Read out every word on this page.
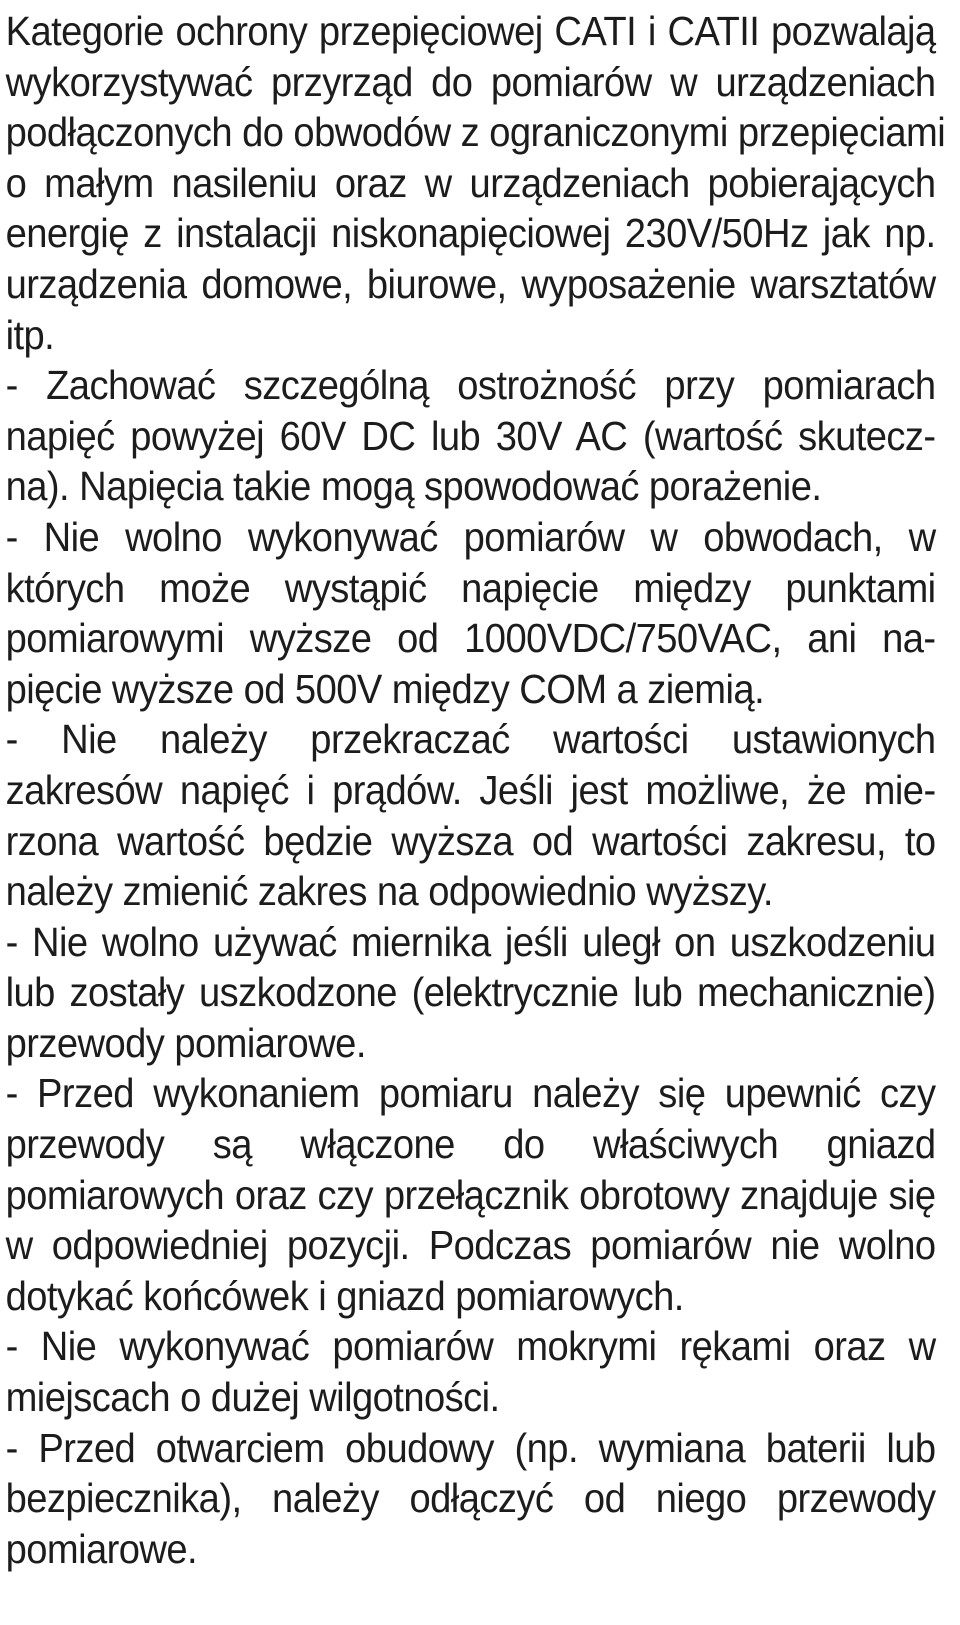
Kategorie ochrony przepięciowej CATI i CATII pozwalają
wykorzystywać przyrząd do pomiarów w urządzeniach
podłączonych do obwodów z ograniczonymi przepięciami
o małym nasileniu oraz w urządzeniach pobierających
energię z instalacji niskonapięciowej 230V/50Hz jak np.
urządzenia domowe, biurowe, wyposażenie warsztatów
itp.
- Zachować szczególną ostrożność przy pomiarach
napięć powyżej 60V DC lub 30V AC (wartość skutecz-
na). Napięcia takie mogą spowodować porażenie.
- Nie wolno wykonywać pomiarów w obwodach, w
których może wystąpić napięcie między punktami
pomiarowymi wyższe od 1000VDC/750VAC, ani na-
pięcie wyższe od 500V między COM a ziemią.
- Nie należy przekraczać wartości ustawionych
zakresów napięć i prądów. Jeśli jest możliwe, że mie-
rzona wartość będzie wyższa od wartości zakresu, to
należy zmienić zakres na odpowiednio wyższy.
- Nie wolno używać miernika jeśli uległ on uszkodzeniu
lub zostały uszkodzone (elektrycznie lub mechanicznie)
przewody pomiarowe.
- Przed wykonaniem pomiaru należy się upewnić czy
przewody są włączone do właściwych gniazd
pomiarowych oraz czy przełącznik obrotowy znajduje się
w odpowiedniej pozycji. Podczas pomiarów nie wolno
dotykać końcówek i gniazd pomiarowych.
- Nie wykonywać pomiarów mokrymi rękami oraz w
miejscach o dużej wilgotności.
- Przed otwarciem obudowy (np. wymiana baterii lub
bezpiecznika), należy odłączyć od niego przewody
pomiarowe.
